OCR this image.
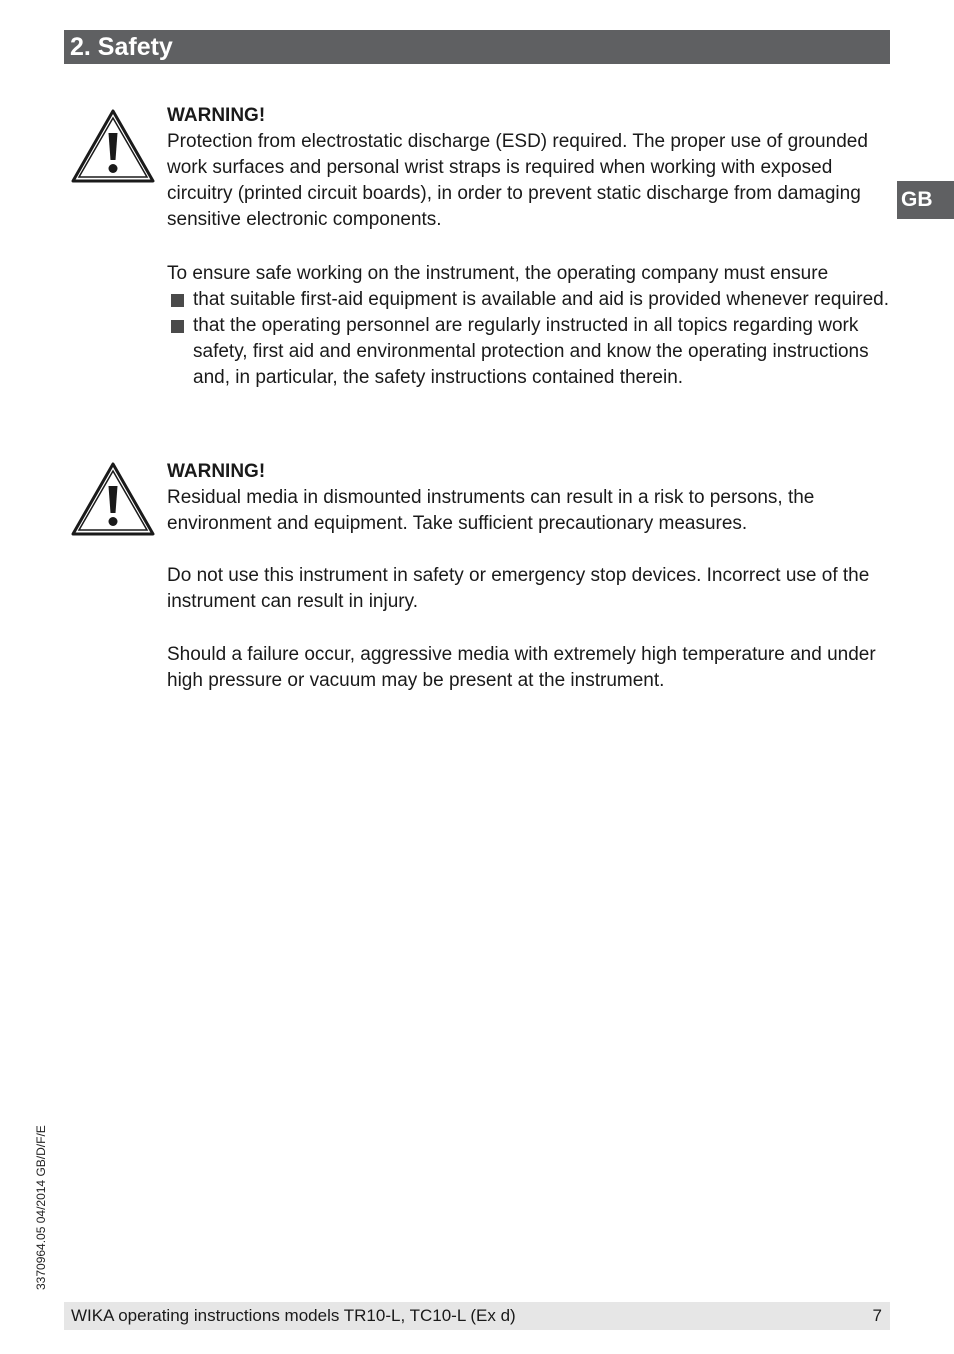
2. Safety
GB

WARNING!
Protection from electrostatic discharge (ESD) required. The proper use of grounded work surfaces and personal wrist straps is required when working with exposed circuitry (printed circuit boards), in order to prevent static discharge from damaging sensitive electronic components.

To ensure safe working on the instrument, the operating company must ensure

that suitable first-aid equipment is available and aid is provided whenever required.
that the operating personnel are regularly instructed in all topics regarding work safety, first aid and environmental protection and know the operating instructions and, in particular, the safety instructions contained therein.

WARNING!
Residual media in dismounted instruments can result in a risk to persons, the environment and equipment. Take sufficient precautionary measures.

Do not use this instrument in safety or emergency stop devices. Incorrect use of the instrument can result in injury.

Should a failure occur, aggressive media with extremely high temperature and under high pressure or vacuum may be present at the instrument.

3370964.05 04/2014 GB/D/F/E
WIKA operating instructions models TR10-L, TC10-L (Ex d)	7
